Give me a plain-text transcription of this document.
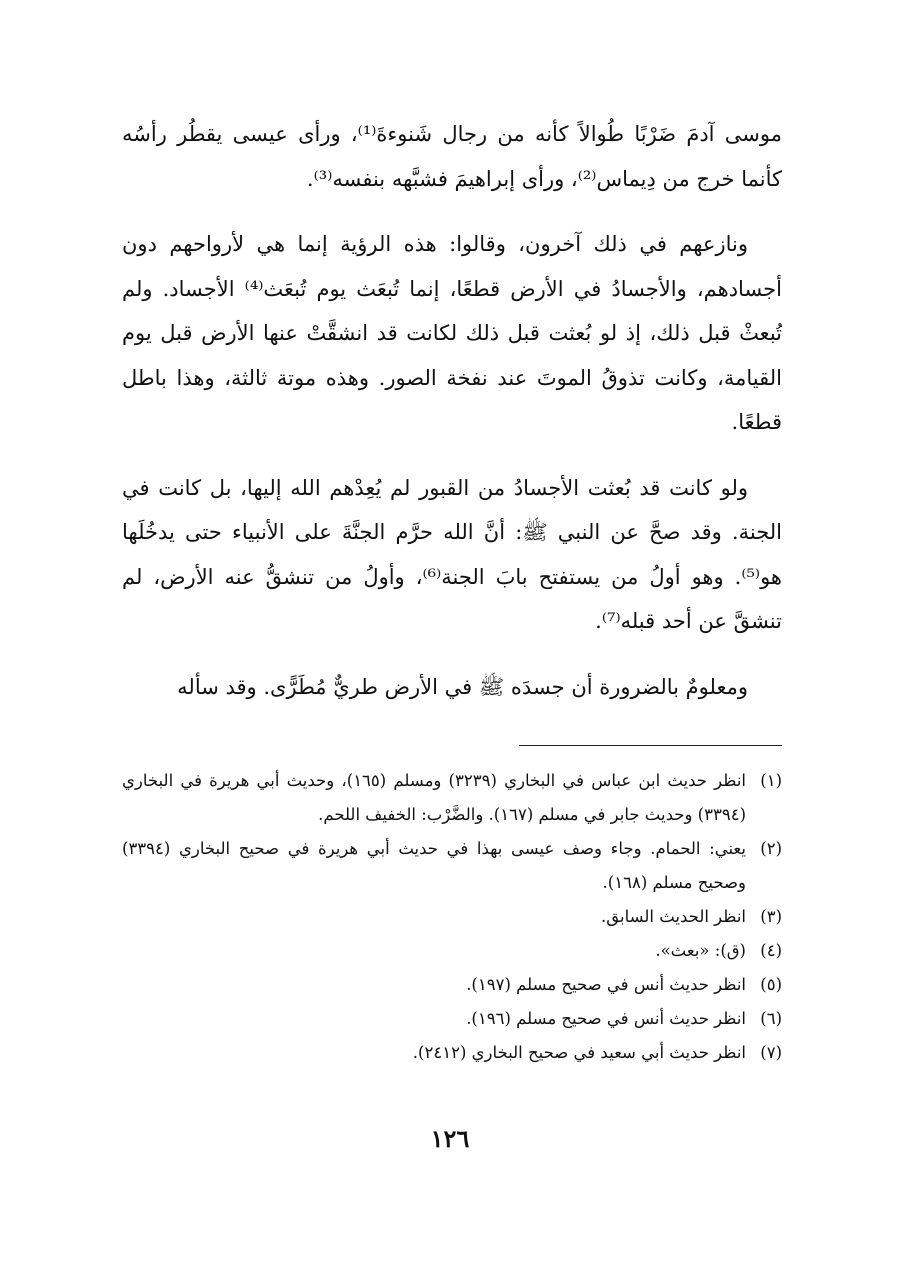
موسى آدمَ ضَرْبًا طُوالاً كأنه من رجال شَنوءةَ⁽¹⁾، ورأى عيسى يقطُر رأسُه كأنما خرج من دِيماس⁽²⁾، ورأى إبراهيمَ فشبَّهه بنفسه⁽³⁾.

ونازعهم في ذلك آخرون، وقالوا: هذه الرؤية إنما هي لأرواحهم دون أجسادهم، والأجسادُ في الأرض قطعًا، إنما تُبعَث يوم تُبعَث⁽⁴⁾ الأجساد. ولم تُبعثْ قبل ذلك، إذ لو بُعثت قبل ذلك لكانت قد انشقَّتْ عنها الأرض قبل يوم القيامة، وكانت تذوقُ الموتَ عند نفخة الصور. وهذه موتة ثالثة، وهذا باطل قطعًا.

ولو كانت قد بُعثت الأجسادُ من القبور لم يُعِدْهم الله إليها، بل كانت في الجنة. وقد صحَّ عن النبي ﷺ: أنَّ الله حرَّم الجنَّةَ على الأنبياء حتى يدخُلَها هو⁽⁵⁾. وهو أولُ من يستفتح بابَ الجنة⁽⁶⁾، وأولُ من تنشقُّ عنه الأرض، لم تنشقَّ عن أحد قبله⁽⁷⁾.

ومعلومٌ بالضرورة أن جسدَه ﷺ في الأرض طريٌّ مُطَرًّى. وقد سأله

(١)
انظر حديث ابن عباس في البخاري (٣٢٣٩) ومسلم (١٦٥)، وحديث أبي هريرة في البخاري (٣٣٩٤) وحديث جابر في مسلم (١٦٧). والضَّرْب: الخفيف اللحم.
(٢)
يعني: الحمام. وجاء وصف عيسى بهذا في حديث أبي هريرة في صحيح البخاري (٣٣٩٤) وصحيح مسلم (١٦٨).
(٣)
انظر الحديث السابق.
(٤)
(ق): «بعث».
(٥)
انظر حديث أنس في صحيح مسلم (١٩٧).
(٦)
انظر حديث أنس في صحيح مسلم (١٩٦).
(٧)
انظر حديث أبي سعيد في صحيح البخاري (٢٤١٢).
١٢٦
